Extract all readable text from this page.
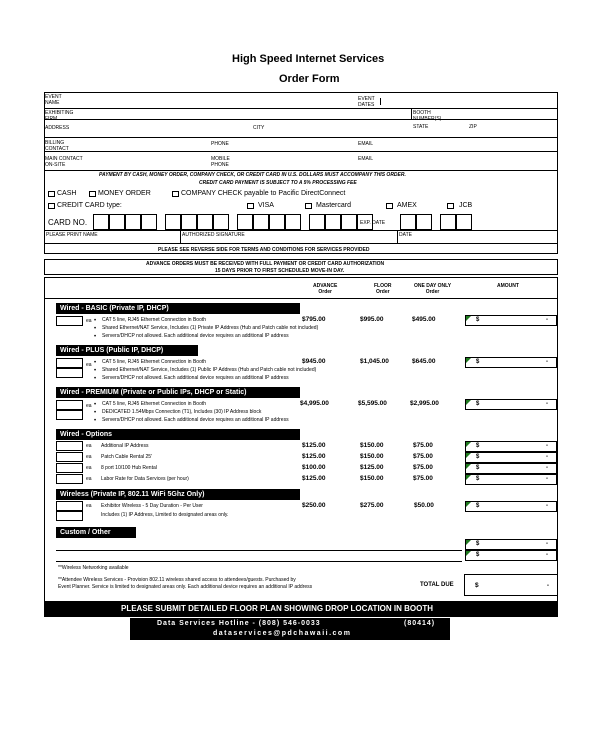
High Speed Internet Services
Order Form
EVENT
NAME
EVENT
DATES
EXHIBITING
FIRM
BOOTH
NUMBER(S)
ADDRESS	CITY	STATE	ZIP
BILLING
CONTACT
PHONE	EMAIL
MAIN CONTACT
ON-SITE
MOBILE
PHONE
EMAIL
PAYMENT BY CASH, MONEY ORDER, COMPANY CHECK, OR CREDIT CARD IN U.S. DOLLARS MUST ACCOMPANY THIS ORDER.
CREDIT CARD PAYMENT IS SUBJECT TO A 5% PROCESSING FEE
CASH	MONEY ORDER	COMPANY CHECK payable to Pacific DirectConnect
CREDIT CARD type:	VISA	Mastercard	AMEX	JCB
CARD NO.	EXP. DATE
PLEASE PRINT NAME	AUTHORIZED SIGNATURE	DATE
PLEASE SEE REVERSE SIDE FOR TERMS AND CONDITIONS FOR SERVICES PROVIDED
ADVANCE ORDERS MUST BE RECEIVED WITH FULL PAYMENT OR CREDIT CARD AUTHORIZATION
15 DAYS PRIOR TO FIRST SCHEDULED MOVE-IN DAY.
ADVANCE
Order
FLOOR
Order
ONE DAY ONLY
Order
AMOUNT
Wired - BASIC (Private IP, DHCP)
ea • CAT 5 line, RJ45 Ethernet Connection in Booth
• Shared Ethernet/NAT Service, Includes (1) Private IP Address (Hub and Patch cable not included)
• Servers/DHCP not allowed. Each additional device requires an additional IP address
$795.00	$995.00	$495.00	$	-
Wired - PLUS (Public IP, DHCP)
ea • CAT 5 line, RJ45 Ethernet Connection in Booth
• Shared Ethernet/NAT Service, Includes (1) Public IP Address (Hub and Patch cable not included)
• Servers/DHCP not allowed. Each additional device requires an additional IP address
$945.00	$1,045.00	$645.00	$	-
Wired - PREMIUM (Private or Public IPs, DHCP or Static)
ea • CAT 5 line, RJ45 Ethernet Connection in Booth
• DEDICATED 1.54Mbps Connection (T1), Includes (30) IP Address block
• Servers/DHCP not allowed. Each additional device requires an additional IP address
$4,995.00	$5,595.00	$2,995.00	$	-
Wired - Options
ea Additional IP Address	$125.00	$150.00	$75.00	$	-
ea Patch Cable Rental 25'	$125.00	$150.00	$75.00	$	-
ea 8 port 10/100 Hub Rental	$100.00	$125.00	$75.00	$	-
ea Labor Rate for Data Services (per hour)	$125.00	$150.00	$75.00	$	-
Wireless (Private IP, 802.11 WiFi 5Ghz Only)
ea Exhibitor Wireless - 5 Day Duration - Per User
Includes (1) IP Address, Limited to designated areas only.
$250.00	$275.00	$50.00	$	-
Custom / Other
$	-
$	-
**Wireless Networking available
**Attendee Wireless Services - Provision 802.11 wireless shared access to attendees/guests. Purchased by
Event Planner. Service is limited to designated areas only. Each additional device requires an additional IP address	TOTAL DUE	$	-
PLEASE SUBMIT DETAILED FLOOR PLAN SHOWING DROP LOCATION IN BOOTH
Data Services Hotline - (808) 546-0033	(80414)
dataservices@pdchawaii.com
